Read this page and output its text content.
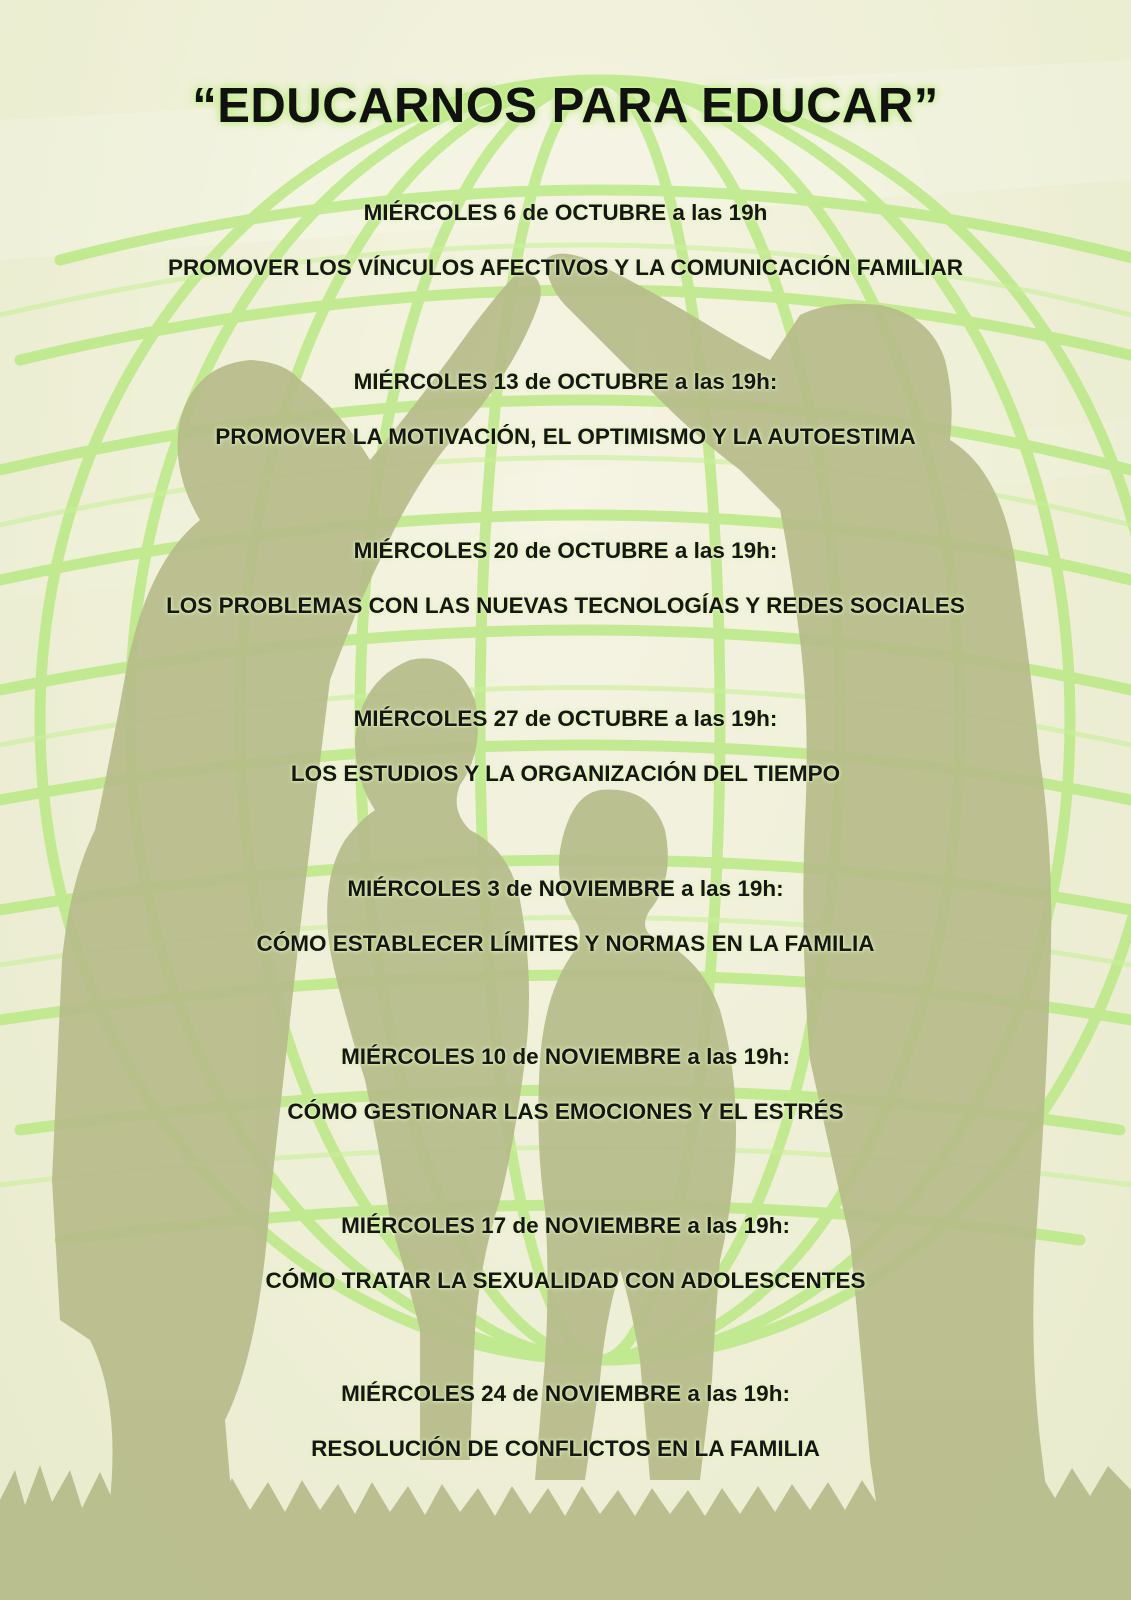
“EDUCARNOS PARA EDUCAR”
MIÉRCOLES 6 de OCTUBRE a las 19h
PROMOVER LOS VÍNCULOS AFECTIVOS Y LA COMUNICACIÓN FAMILIAR
MIÉRCOLES 13 de OCTUBRE a las 19h:
PROMOVER LA MOTIVACIÓN, EL OPTIMISMO Y LA AUTOESTIMA
MIÉRCOLES 20 de OCTUBRE a las 19h:
LOS PROBLEMAS CON LAS NUEVAS TECNOLOGÍAS Y REDES SOCIALES
MIÉRCOLES 27 de OCTUBRE a las 19h:
LOS ESTUDIOS Y LA ORGANIZACIÓN DEL TIEMPO
MIÉRCOLES 3 de NOVIEMBRE a las 19h:
CÓMO ESTABLECER LÍMITES Y NORMAS EN LA FAMILIA
MIÉRCOLES 10 de NOVIEMBRE a las 19h:
CÓMO GESTIONAR LAS EMOCIONES Y EL ESTRÉS
MIÉRCOLES 17 de NOVIEMBRE a las 19h:
CÓMO TRATAR LA SEXUALIDAD CON ADOLESCENTES
MIÉRCOLES 24 de NOVIEMBRE a las 19h:
RESOLUCIÓN DE CONFLICTOS EN LA FAMILIA
